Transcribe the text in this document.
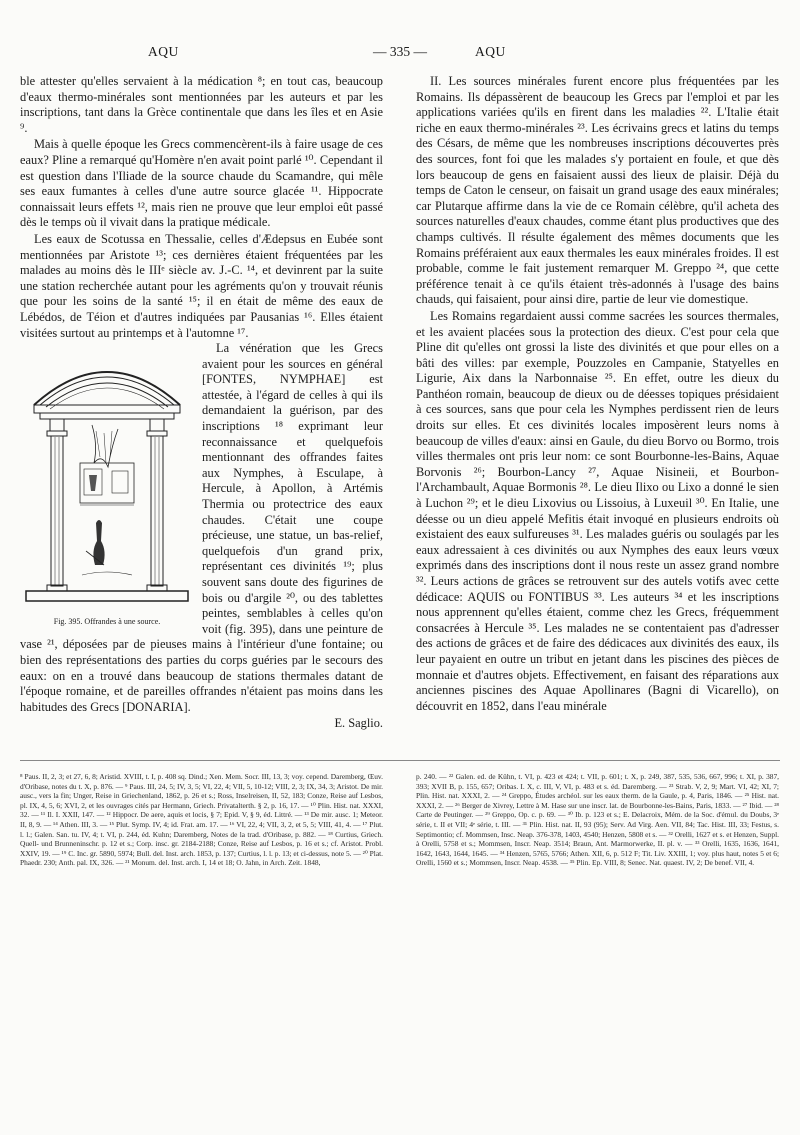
AQU	— 335 —	AQU

ble attester qu'elles servaient à la médication ⁸; en tout cas, beaucoup d'eaux thermo-minérales sont mentionnées par les auteurs et par les inscriptions, tant dans la Grèce continentale que dans les îles et en Asie ⁹.

Mais à quelle époque les Grecs commencèrent-ils à faire usage de ces eaux? Pline a remarqué qu'Homère n'en avait point parlé ¹⁰. Cependant il est question dans l'Iliade de la source chaude du Scamandre, qui mêle ses eaux fumantes à celles d'une autre source glacée ¹¹. Hippocrate connaissait leurs effets ¹², mais rien ne prouve que leur emploi eût passé dès le temps où il vivait dans la pratique médicale.

Les eaux de Scotussa en Thessalie, celles d'Ædepsus en Eubée sont mentionnées par Aristote ¹³; ces dernières étaient fréquentées par les malades au moins dès le IIIᵉ siècle av. J.-C. ¹⁴, et devinrent par la suite une station recherchée autant pour les agréments qu'on y trouvait réunis que pour les soins de la santé ¹⁵; il en était de même des eaux de Lébédos, de Téion et d'autres indiquées par Pausanias ¹⁶. Elles étaient visitées surtout au printemps et à l'automne ¹⁷.

Fig. 395. Offrandes à une source.

La vénération que les Grecs avaient pour les sources en général [FONTES, NYMPHAE] est attestée, à l'égard de celles à qui ils demandaient la guérison, par des inscriptions ¹⁸ exprimant leur reconnaissance et quelquefois mentionnant des offrandes faites aux Nymphes, à Esculape, à Hercule, à Apollon, à Artémis Thermia ou protectrice des eaux chaudes. C'était une coupe précieuse, une statue, un bas-relief, quelquefois d'un grand prix, représentant ces divinités ¹⁹; plus souvent sans doute des figurines de bois ou d'argile ²⁰, ou des tablettes peintes, semblables à celles qu'on voit (fig. 395), dans une peinture de vase ²¹, déposées par de pieuses mains à l'intérieur d'une fontaine; ou bien des représentations des parties du corps guéries par le secours des eaux: on en a trouvé dans beaucoup de stations thermales datant de l'époque romaine, et de pareilles offrandes n'étaient pas moins dans les habitudes des Grecs [DONARIA].

E. Saglio.

II. Les sources minérales furent encore plus fréquentées par les Romains. Ils dépassèrent de beaucoup les Grecs par l'emploi et par les applications variées qu'ils en firent dans les maladies ²². L'Italie était riche en eaux thermo-minérales ²³. Les écrivains grecs et latins du temps des Césars, de même que les nombreuses inscriptions découvertes près des sources, font foi que les malades s'y portaient en foule, et que dès lors beaucoup de gens en faisaient aussi des lieux de plaisir. Déjà du temps de Caton le censeur, on faisait un grand usage des eaux minérales; car Plutarque affirme dans la vie de ce Romain célèbre, qu'il acheta des sources naturelles d'eaux chaudes, comme étant plus productives que des champs cultivés. Il résulte également des mêmes documents que les Romains préféraient aux eaux thermales les eaux minérales froides. Il est probable, comme le fait justement remarquer M. Greppo ²⁴, que cette préférence tenait à ce qu'ils étaient très-adonnés à l'usage des bains chauds, qui faisaient, pour ainsi dire, partie de leur vie domestique.

Les Romains regardaient aussi comme sacrées les sources thermales, et les avaient placées sous la protection des dieux. C'est pour cela que Pline dit qu'elles ont grossi la liste des divinités et que pour elles on a bâti des villes: par exemple, Pouzzoles en Campanie, Statyelles en Ligurie, Aix dans la Narbonnaise ²⁵. En effet, outre les dieux du Panthéon romain, beaucoup de dieux ou de déesses topiques présidaient à ces sources, sans que pour cela les Nymphes perdissent rien de leurs droits sur elles. Et ces divinités locales imposèrent leurs noms à beaucoup de villes d'eaux: ainsi en Gaule, du dieu Borvo ou Bormo, trois villes thermales ont pris leur nom: ce sont Bourbonne-les-Bains, Aquae Borvonis ²⁶; Bourbon-Lancy ²⁷, Aquae Nisinеii, et Bourbon-l'Archambault, Aquae Bormonis ²⁸. Le dieu Ilixo ou Lixo a donné le sien à Luchon ²⁹; et le dieu Lixovius ou Lissoius, à Luxeuil ³⁰. En Italie, une déesse ou un dieu appelé Mefitis était invoqué en plusieurs endroits où existaient des eaux sulfureuses ³¹. Les malades guéris ou soulagés par les eaux adressaient à ces divinités ou aux Nymphes des eaux leurs vœux exprimés dans des inscriptions dont il nous reste un assez grand nombre ³². Leurs actions de grâces se retrouvent sur des autels votifs avec cette dédicace: AQUIS ou FONTIBUS ³³. Les auteurs ³⁴ et les inscriptions nous apprennent qu'elles étaient, comme chez les Grecs, fréquemment consacrées à Hercule ³⁵. Les malades ne se contentaient pas d'adresser des actions de grâces et de faire des dédicaces aux divinités des eaux, ils leur payaient en outre un tribut en jetant dans les piscines des pièces de monnaie et d'autres objets. Effectivement, en faisant des réparations aux anciennes piscines des Aquae Apollinares (Bagni di Vicarello), on découvrit en 1852, dans l'eau minérale

⁸ Paus. II, 2, 3; et 27, 6, 8; Aristid. XVIII, t. I, p. 408 sq. Dind.; Xen. Mem. Socr. III, 13, 3; voy. cepend. Daremberg, Œuv. d'Oribase, notes du t. X, p. 876. — ⁹ Paus. III, 24, 5; IV, 3, 5; VI, 22, 4; VII, 5, 10-12; VIII, 2, 3; IX, 34, 3; Aristot. De mir. ausc., vers la fin; Unger, Reise in Griechenland, 1862, p. 26 et s.; Ross, Inselreisen, II, 52, 183; Conze, Reise auf Lesbos, pl. IX, 4, 5, 6; XVI, 2, et les ouvrages cités par Hermann, Griech. Privatalterth. § 2, p. 16, 17. — ¹⁰ Plin. Hist. nat. XXXI, 32. — ¹¹ Il. I. XXII, 147. — ¹² Hippocr. De aere, aquis et locis, § 7; Epid. V, § 9, éd. Littré. — ¹³ De mir. ausc. 1; Meteor. II, 8, 9. — ¹⁴ Athen. III, 3. — ¹⁵ Plut. Symp. IV, 4; id. Frat. am. 17. — ¹⁶ VI, 22, 4; VII, 3, 2, et 5, 5; VIII, 41, 4. — ¹⁷ Plut. l. l.; Galen. San. tu. IV, 4; t. VI, p. 244, éd. Kuhn; Daremberg, Notes de la trad. d'Oribase, p. 882. — ¹⁸ Curtius, Griech. Quell- und Brunneninschr. p. 12 et s.; Corp. insc. gr. 2184-2188; Conze, Reise auf Lesbos, p. 16 et s.; cf. Aristot. Probl. XXIV, 19. — ¹⁹ C. Inc. gr. 5890, 5974; Bull. del. Inst. arch. 1853, p. 137; Curtius, l. l. p. 13; et ci-dessus, note 5. — ²⁰ Plat. Phaedr. 230; Anth. pal. IX, 326. — ²¹ Monum. del. Inst. arch. I, 14 et 18; O. Jahn, in Arch. Zeit. 1848,
p. 240. — ²² Galen. ed. de Kühn, t. VI, p. 423 et 424; t. VII, p. 601; t. X, p. 249, 387, 535, 536, 667, 996; t. XI, p. 387, 393; XVII B, p. 155, 657; Oribas. I. X, c. III, V, VI, p. 483 et s. éd. Daremberg. — ²³ Strab. V, 2, 9; Mart. VI, 42; XI, 7; Plin. Hist. nat. XXXI, 2. — ²⁴ Greppo, Études archéol. sur les eaux therm. de la Gaule, p. 4, Paris, 1846. — ²⁵ Hist. nat. XXXI, 2. — ²⁶ Berger de Xivrey, Lettre à M. Hase sur une inscr. lat. de Bourbonne-les-Bains, Paris, 1833. — ²⁷ Ibid. — ²⁸ Carte de Peutinger. — ²⁹ Greppo, Op. c. p. 69. — ³⁰ Ib. p. 123 et s.; E. Delacroix, Mém. de la Soc. d'émul. du Doubs, 3ᵉ série, t. II et VII; 4ᵉ série, t. III. — ³¹ Plin. Hist. nat. II, 93 (95); Serv. Ad Virg. Aen. VII, 84; Tac. Hist. III, 33; Festus, s. Septimontio; cf. Mommsen, Insc. Neap. 376-378, 1403, 4540; Henzen, 5808 et s. — ³² Orelli, 1627 et s. et Henzen, Suppl. à Orelli, 5758 et s.; Mommsen, Inscr. Neap. 3514; Braun, Ant. Marmorwerke, II. pl. v. — ³³ Orelli, 1635, 1636, 1641, 1642, 1643, 1644, 1645. — ³⁴ Henzen, 5765, 5766; Athen. XII, 6, p. 512 F; Tit. Liv. XXIII, 1; voy. plus haut, notes 5 et 6; Orelli, 1560 et s.; Mommsen, Inscr. Neap. 4538. — ³⁵ Plin. Ep. VIII, 8; Senec. Nat. quaest. IV, 2; De benef. VII, 4.
